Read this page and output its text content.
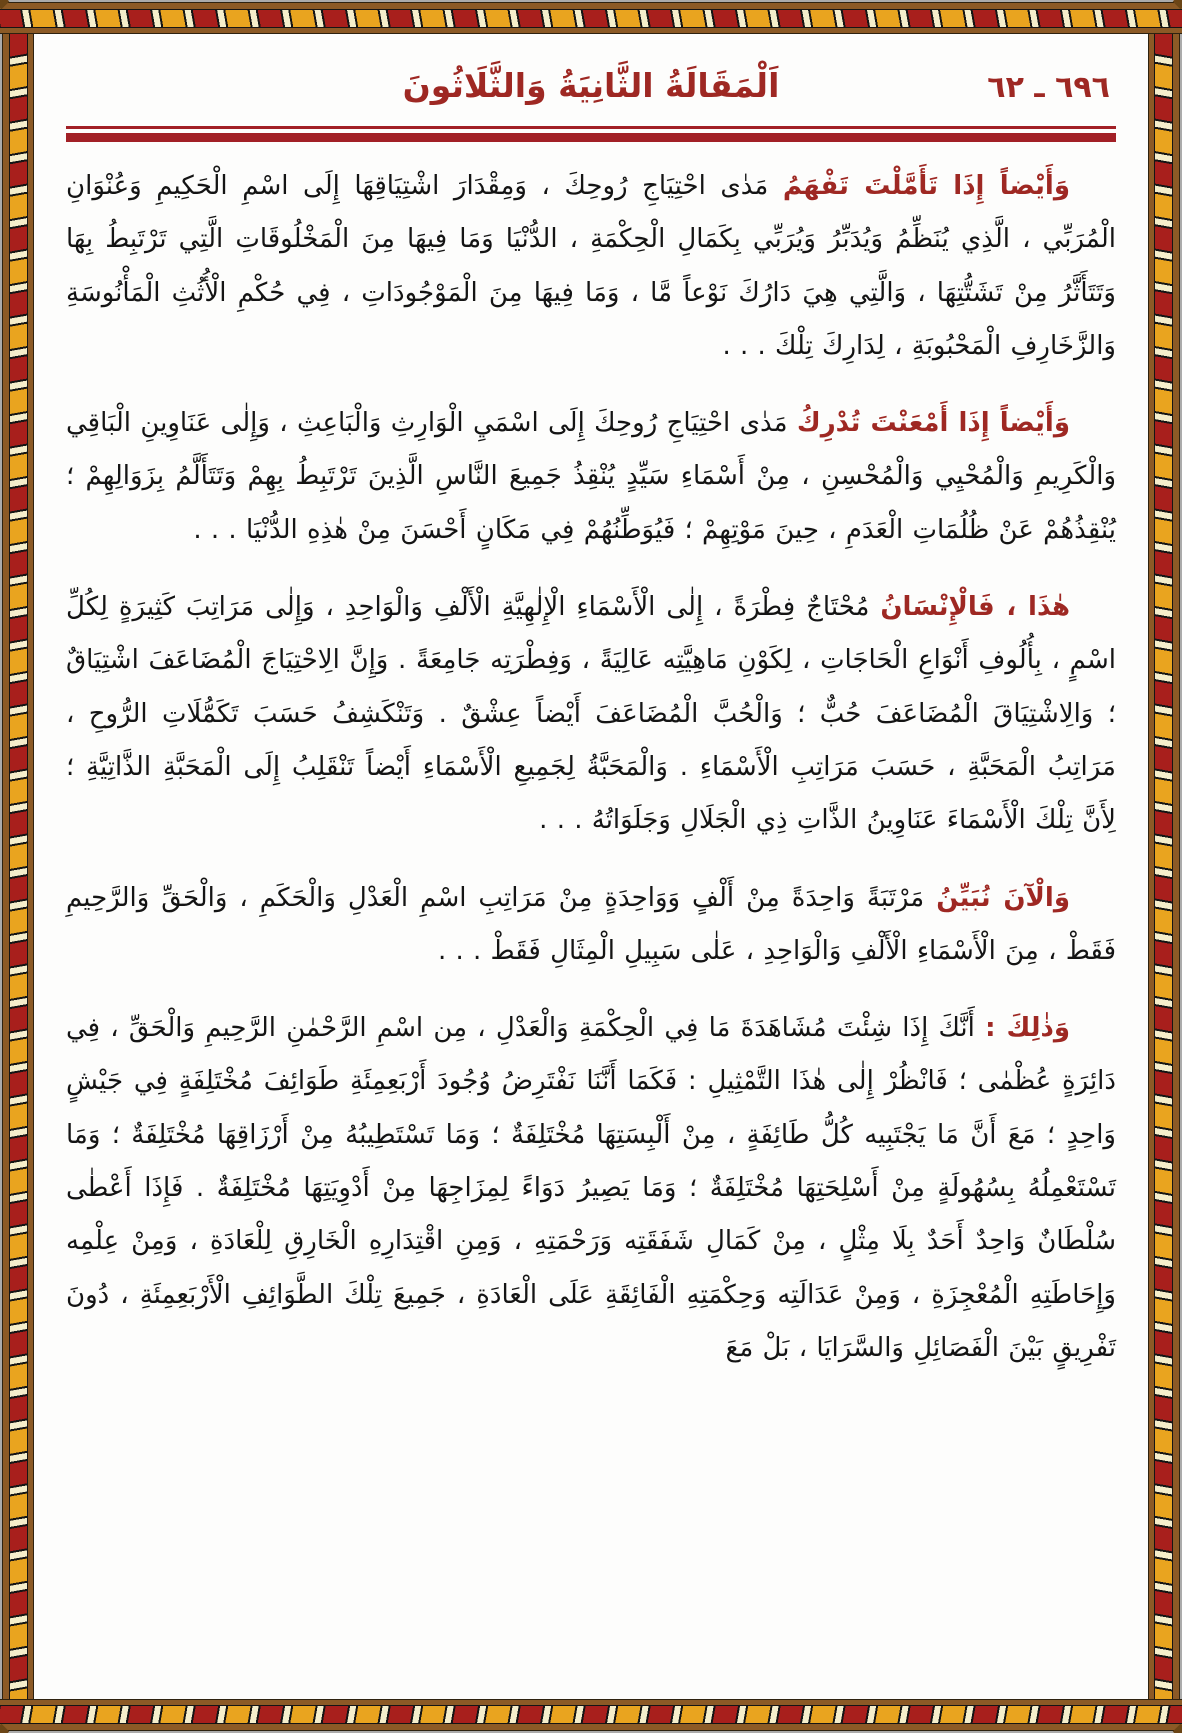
اَلْمَقَالَةُ الثَّانِيَةُ وَالثَّلَاثُونَ	٦٩٦ ـ ٦٢

وَأَيْضاً إِذَا تَأَمَّلْتَ تَفْهَمُ مَدٰى احْتِيَاجِ رُوحِكَ ، وَمِقْدَارَ اشْتِيَاقِهَا إِلَى اسْمِ الْحَكِيمِ وَعُنْوَانِ الْمُرَبِّي ، الَّذِي يُنَظِّمُ وَيُدَبِّرُ وَيُرَبِّي بِكَمَالِ الْحِكْمَةِ ، الدُّنْيَا وَمَا فِيهَا مِنَ الْمَخْلُوقَاتِ الَّتِي تَرْتَبِطُ بِهَا وَتَتَأَثَّرُ مِنْ تَشَتُّتِهَا ، وَالَّتِي هِيَ دَارُكَ نَوْعاً مَّا ، وَمَا فِيهَا مِنَ الْمَوْجُودَاتِ ، فِي حُكْمِ الْأُثُثِ الْمَأْنُوسَةِ وَالزَّخَارِفِ الْمَحْبُوبَةِ ، لِدَارِكَ تِلْكَ . . .

وَأَيْضاً إِذَا أَمْعَنْتَ تُدْرِكُ مَدٰى احْتِيَاجِ رُوحِكَ إِلَى اسْمَيِ الْوَارِثِ وَالْبَاعِثِ ، وَإِلٰى عَنَاوِينِ الْبَاقِي وَالْكَرِيمِ وَالْمُحْيِي وَالْمُحْسِنِ ، مِنْ أَسْمَاءِ سَيِّدٍ يُنْقِذُ جَمِيعَ النَّاسِ الَّذِينَ تَرْتَبِطُ بِهِمْ وَتَتَأَلَّمُ بِزَوَالِهِمْ ؛ يُنْقِذُهُمْ عَنْ ظُلُمَاتِ الْعَدَمِ ، حِينَ مَوْتِهِمْ ؛ فَيُوَطِّنُهُمْ فِي مَكَانٍ أَحْسَنَ مِنْ هٰذِهِ الدُّنْيَا . . .

هٰذَا ، فَالْإِنْسَانُ مُحْتَاجٌ فِطْرَةً ، إِلٰى الْأَسْمَاءِ الْإِلٰهِيَّةِ الْأَلْفِ وَالْوَاحِدِ ، وَإِلٰى مَرَاتِبَ كَثِيرَةٍ لِكُلِّ اسْمٍ ، بِأُلُوفِ أَنْوَاعِ الْحَاجَاتِ ، لِكَوْنِ مَاهِيَّتِه عَالِيَةً ، وَفِطْرَتِه جَامِعَةً . وَإِنَّ الِاحْتِيَاجَ الْمُضَاعَفَ اشْتِيَاقٌ ؛ وَالِاشْتِيَاقَ الْمُضَاعَفَ حُبٌّ ؛ وَالْحُبَّ الْمُضَاعَفَ أَيْضاً عِشْقٌ . وَتَنْكَشِفُ حَسَبَ تَكَمُّلَاتِ الرُّوحِ ، مَرَاتِبُ الْمَحَبَّةِ ، حَسَبَ مَرَاتِبِ الْأَسْمَاءِ . وَالْمَحَبَّةُ لِجَمِيعِ الْأَسْمَاءِ أَيْضاً تَنْقَلِبُ إِلَى الْمَحَبَّةِ الذَّاتِيَّةِ ؛ لِأَنَّ تِلْكَ الْأَسْمَاءَ عَنَاوِينُ الذَّاتِ ذِي الْجَلَالِ وَجَلَوَاتُهُ . . .

وَالْآنَ نُبَيِّنُ مَرْتَبَةً وَاحِدَةً مِنْ أَلْفٍ وَوَاحِدَةٍ مِنْ مَرَاتِبِ اسْمِ الْعَدْلِ وَالْحَكَمِ ، وَالْحَقِّ وَالرَّحِيمِ فَقَطْ ، مِنَ الْأَسْمَاءِ الْأَلْفِ وَالْوَاحِدِ ، عَلٰى سَبِيلِ الْمِثَالِ فَقَطْ . . .

وَذٰلِكَ : أَنَّكَ إِذَا شِئْتَ مُشَاهَدَةَ مَا فِي الْحِكْمَةِ وَالْعَدْلِ ، مِن اسْمِ الرَّحْمٰنِ الرَّحِيمِ وَالْحَقِّ ، فِي دَائِرَةٍ عُظْمٰى ؛ فَانْظُرْ إِلٰى هٰذَا التَّمْثِيلِ : فَكَمَا أَنَّنَا نَفْتَرِضُ وُجُودَ أَرْبَعِمِئَةِ طَوَائِفَ مُخْتَلِفَةٍ فِي جَيْشٍ وَاحِدٍ ؛ مَعَ أَنَّ مَا يَجْتَبِيه كُلُّ طَائِفَةٍ ، مِنْ أَلْبِسَتِهَا مُخْتَلِفَةٌ ؛ وَمَا تَسْتَطِيبُهُ مِنْ أَرْزَاقِهَا مُخْتَلِفَةٌ ؛ وَمَا تَسْتَعْمِلُهُ بِسُهُولَةٍ مِنْ أَسْلِحَتِهَا مُخْتَلِفَةٌ ؛ وَمَا يَصِيرُ دَوَاءً لِمِزَاجِهَا مِنْ أَدْوِيَتِهَا مُخْتَلِفَةٌ . فَإِذَا أَعْطٰى سُلْطَانٌ وَاحِدٌ أَحَدٌ بِلَا مِثْلٍ ، مِنْ كَمَالِ شَفَقَتِه وَرَحْمَتِهِ ، وَمِنِ اقْتِدَارِهِ الْخَارِقِ لِلْعَادَةِ ، وَمِنْ عِلْمِه وَإِحَاطَتِهِ الْمُعْجِزَةِ ، وَمِنْ عَدَالَتِه وَحِكْمَتِهِ الْفَائِقَةِ عَلَى الْعَادَةِ ، جَمِيعَ تِلْكَ الطَّوَائِفِ الْأَرْبَعِمِئَةِ ، دُونَ تَفْرِيقٍ بَيْنَ الْفَصَائِلِ وَالسَّرَايَا ، بَلْ مَعَ
